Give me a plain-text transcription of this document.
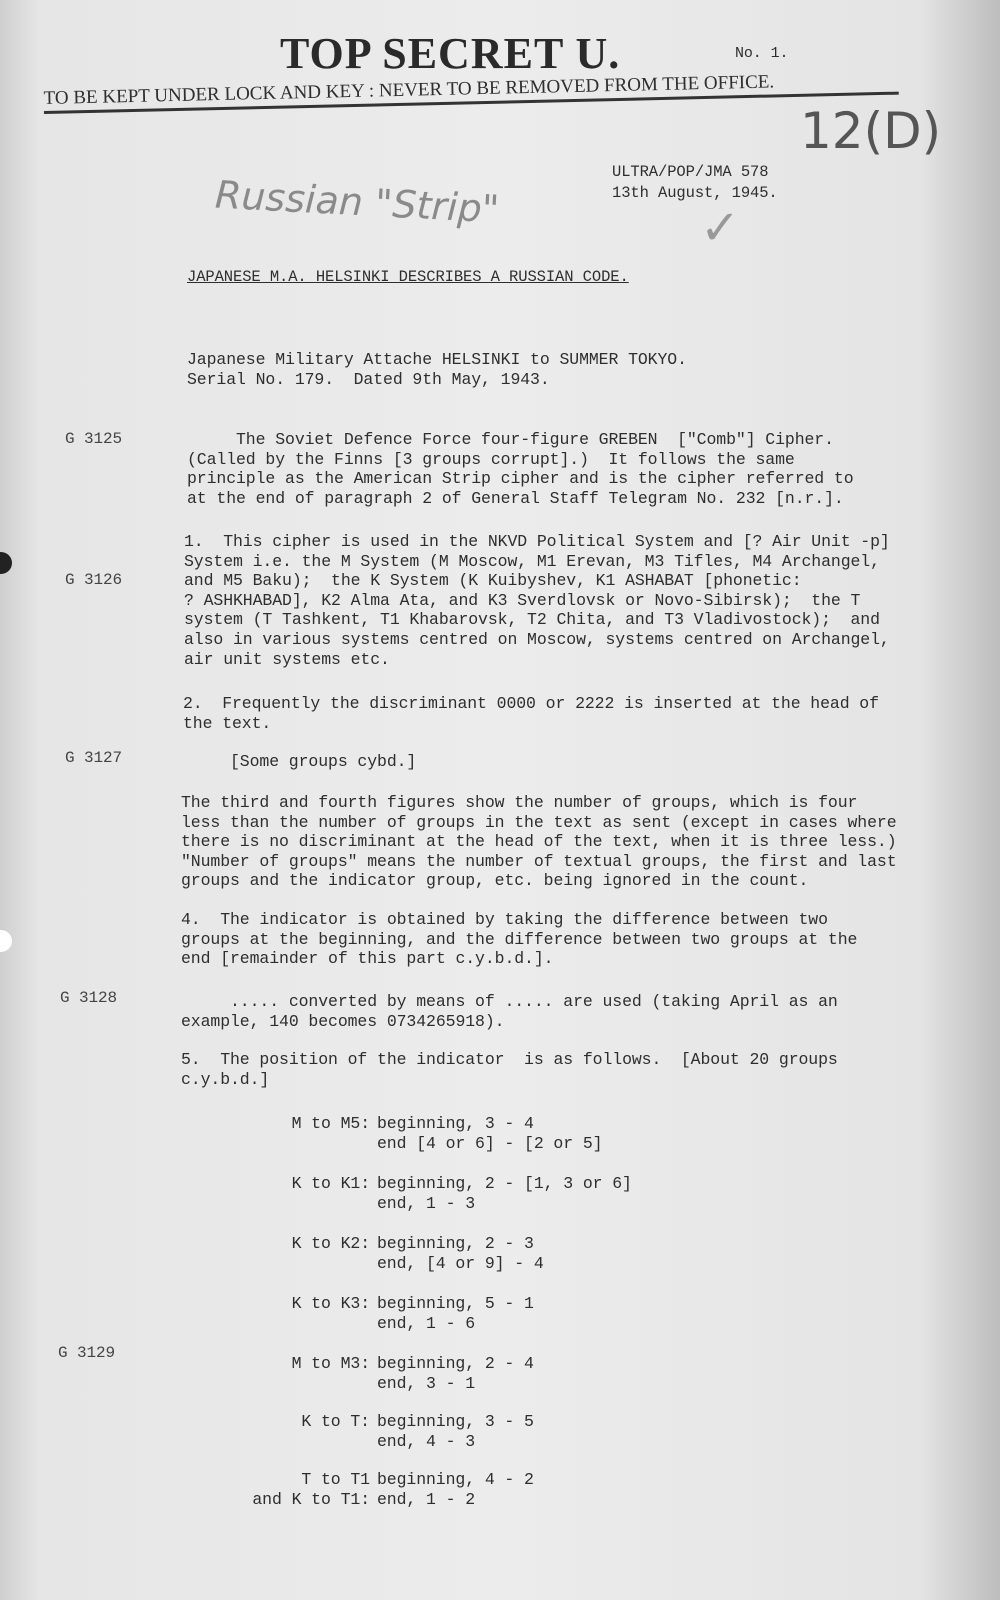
TOP SECRET U.	No. 1.
TO BE KEPT UNDER LOCK AND KEY : NEVER TO BE REMOVED FROM THE OFFICE.
12(D)
Russian "Strip"	✓
ULTRA/POP/JMA 578
13th August, 1945.
JAPANESE M.A. HELSINKI DESCRIBES A RUSSIAN CODE.
Japanese Military Attache HELSINKI to SUMMER TOKYO.
Serial No. 179.  Dated 9th May, 1943.
G 3125
G 3126
G 3127
G 3128
G 3129
The Soviet Defence Force four-figure GREBEN  ["Comb"] Cipher.
(Called by the Finns [3 groups corrupt].)  It follows the same
principle as the American Strip cipher and is the cipher referred to
at the end of paragraph 2 of General Staff Telegram No. 232 [n.r.].
1.  This cipher is used in the NKVD Political System and [? Air Unit -p]
System i.e. the M System (M Moscow, M1 Erevan, M3 Tifles, M4 Archangel,
and M5 Baku);  the K System (K Kuibyshev, K1 ASHABAT [phonetic:
? ASHKHABAD], K2 Alma Ata, and K3 Sverdlovsk or Novo-Sibirsk);  the T
system (T Tashkent, T1 Khabarovsk, T2 Chita, and T3 Vladivostock);  and
also in various systems centred on Moscow, systems centred on Archangel,
air unit systems etc.
2.  Frequently the discriminant 0000 or 2222 is inserted at the head of
the text.
[Some groups cybd.]
The third and fourth figures show the number of groups, which is four
less than the number of groups in the text as sent (except in cases where
there is no discriminant at the head of the text, when it is three less.)
"Number of groups" means the number of textual groups, the first and last
groups and the indicator group, etc. being ignored in the count.
4.  The indicator is obtained by taking the difference between two
groups at the beginning, and the difference between two groups at the
end [remainder of this part c.y.b.d.].
..... converted by means of ..... are used (taking April as an
example, 140 becomes 0734265918).
5.  The position of the indicator  is as follows.  [About 20 groups
c.y.b.d.]
M to M5: beginning, 3 - 4
end [4 or 6] - [2 or 5]
K to K1: beginning, 2 - [1, 3 or 6]
end, 1 - 3
K to K2: beginning, 2 - 3
end, [4 or 9] - 4
K to K3: beginning, 5 - 1
end, 1 - 6
M to M3: beginning, 2 - 4
end, 3 - 1
K to T: beginning, 3 - 5
end, 4 - 3
T to T1
and K to T1:
beginning, 4 - 2
end, 1 - 2
